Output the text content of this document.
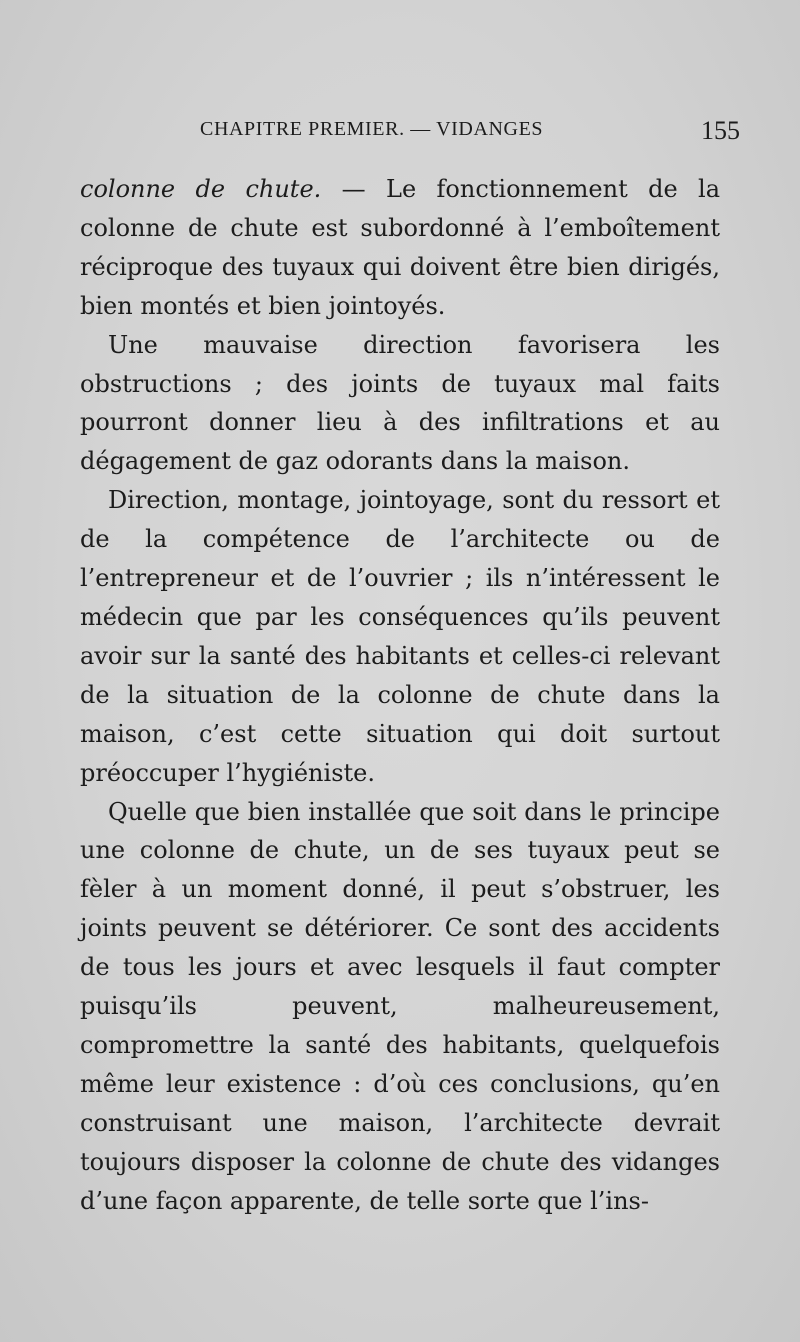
CHAPITRE PREMIER. — VIDANGES	155

colonne de chute. — Le fonctionnement de la colonne de chute est subordonné à l’emboîtement réciproque des tuyaux qui doivent être bien dirigés, bien montés et bien jointoyés.

Une mauvaise direction favorisera les obstructions ; des joints de tuyaux mal faits pourront donner lieu à des infiltrations et au dégagement de gaz odorants dans la maison.

Direction, montage, jointoyage, sont du ressort et de la compétence de l’architecte ou de l’entrepreneur et de l’ouvrier ; ils n’intéressent le médecin que par les conséquences qu’ils peuvent avoir sur la santé des habitants et celles-ci relevant de la situation de la colonne de chute dans la maison, c’est cette situation qui doit surtout préoccuper l’hygiéniste.

Quelle que bien installée que soit dans le principe une colonne de chute, un de ses tuyaux peut se fèler à un moment donné, il peut s’obstruer, les joints peuvent se détériorer. Ce sont des accidents de tous les jours et avec lesquels il faut compter puisqu’ils peuvent, malheureusement, compromettre la santé des habitants, quelquefois même leur existence : d’où ces conclusions, qu’en construisant une maison, l’architecte devrait toujours disposer la colonne de chute des vidanges d’une façon apparente, de telle sorte que l’ins-
